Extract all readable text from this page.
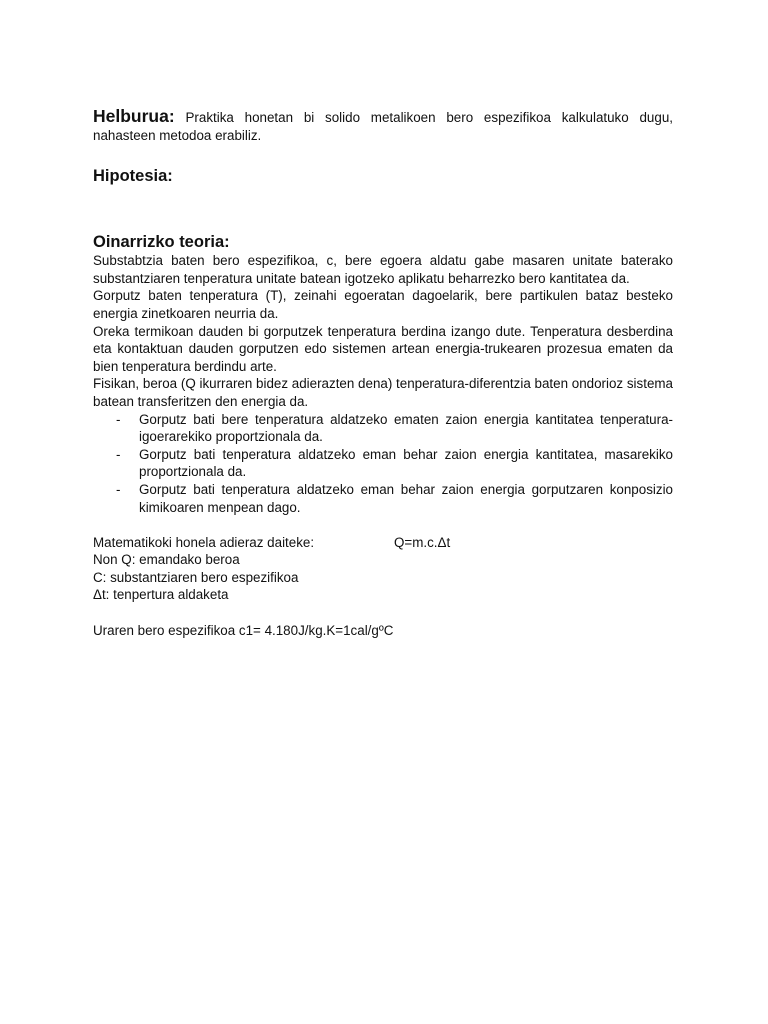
Helburua: Praktika honetan bi solido metalikoen bero espezifikoa kalkulatuko dugu, nahasteen metodoa erabiliz.

Hipotesia:
Oinarrizko teoria:

Substabtzia baten bero espezifikoa, c, bere egoera aldatu gabe masaren unitate baterako substantziaren tenperatura unitate batean igotzeko aplikatu beharrezko bero kantitatea da.

Gorputz baten tenperatura (T), zeinahi egoeratan dagoelarik, bere partikulen bataz besteko energia zinetkoaren neurria da.

Oreka termikoan dauden bi gorputzek tenperatura berdina izango dute. Tenperatura desberdina eta kontaktuan dauden gorputzen edo sistemen artean energia-trukearen prozesua ematen da bien tenperatura berdindu arte.

Fisikan, beroa (Q ikurraren bidez adierazten dena) tenperatura-diferentzia baten ondorioz sistema batean transferitzen den energia da.

- Gorputz bati bere tenperatura aldatzeko ematen zaion energia kantitatea tenperatura-igoerarekiko proportzionala da.
- Gorputz bati tenperatura aldatzeko eman behar zaion energia kantitatea, masarekiko proportzionala da.
- Gorputz bati tenperatura aldatzeko eman behar zaion energia gorputzaren konposizio kimikoaren menpean dago.
Matematikoki honela adieraz daiteke:	Q=m.c.Δt

Non Q: emandako beroa

C: substantziaren bero espezifikoa

Δt: tenpertura aldaketa

Uraren bero espezifikoa c1= 4.180J/kg.K=1cal/gºC
